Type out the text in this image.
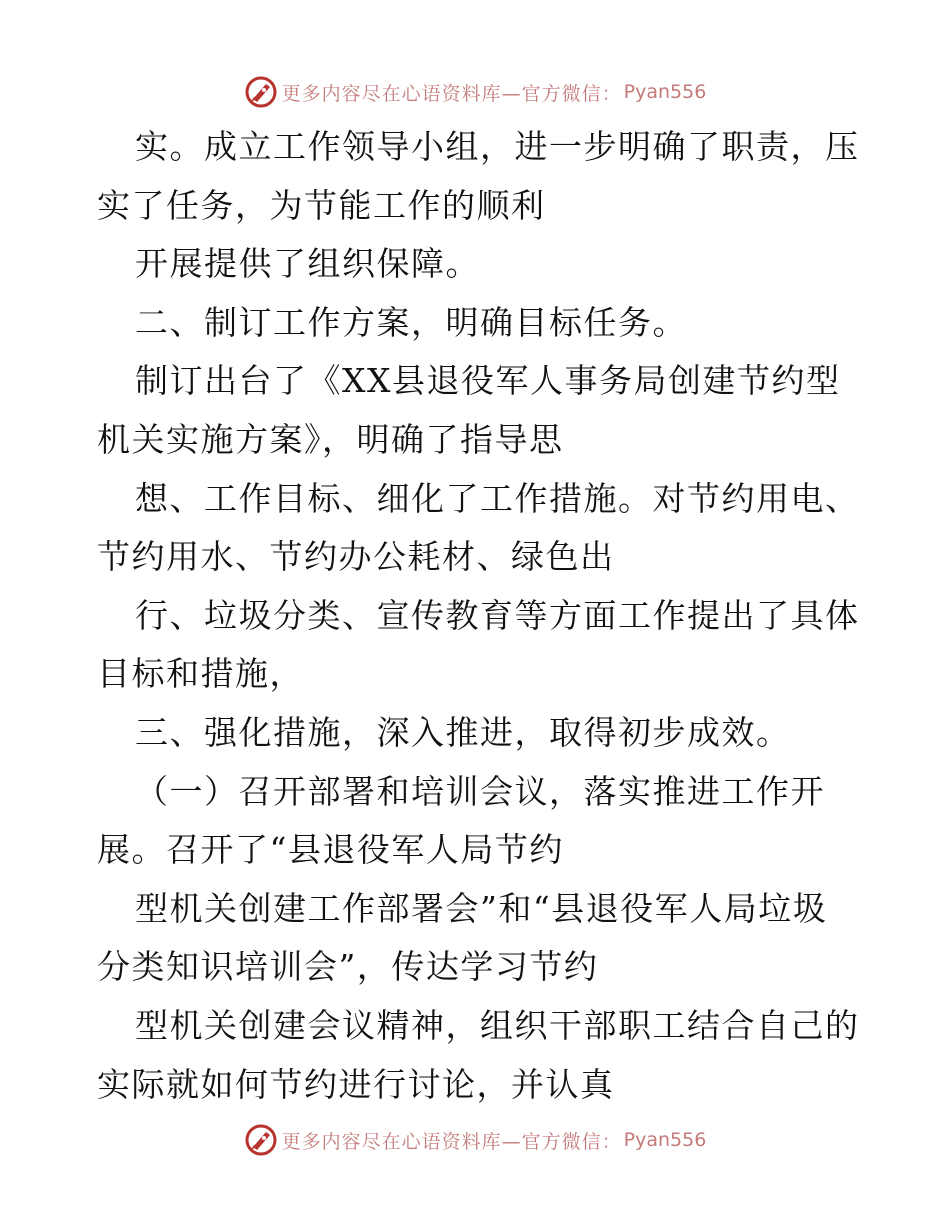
更多内容尽在心语资料库—官方微信： Pyan556
实。成立工作领导小组，进一步明确了职责，压
实了任务，为节能工作的顺利
开展提供了组织保障。
二、制订工作方案，明确目标任务。
制订出台了《XX县退役军人事务局创建节约型
机关实施方案》，明确了指导思
想、工作目标、细化了工作措施。对节约用电、
节约用水、节约办公耗材、绿色出
行、垃圾分类、宣传教育等方面工作提出了具体
目标和措施，
三、强化措施，深入推进，取得初步成效。
（一）召开部署和培训会议，落实推进工作开
展。召开了“县退役军人局节约
型机关创建工作部署会”和“县退役军人局垃圾
分类知识培训会”，传达学习节约
型机关创建会议精神，组织干部职工结合自己的
实际就如何节约进行讨论，并认真
更多内容尽在心语资料库—官方微信： Pyan556
